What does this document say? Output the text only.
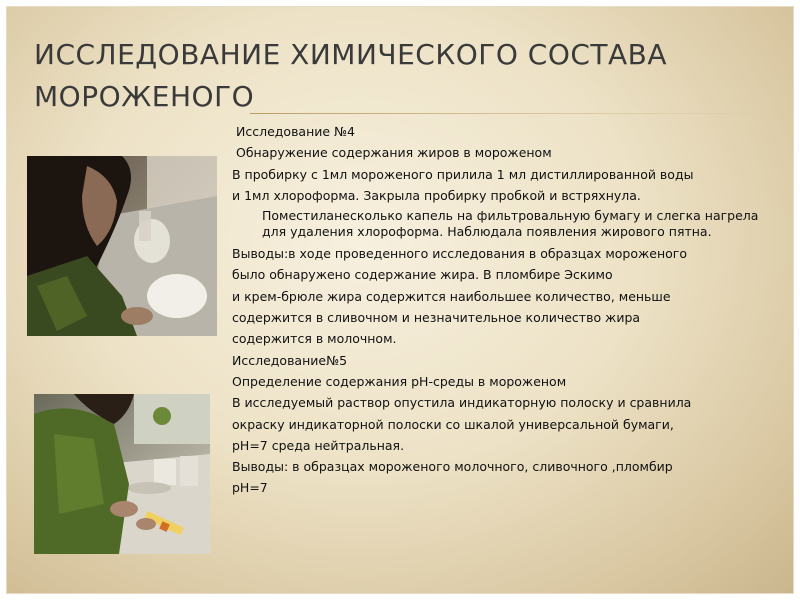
ИССЛЕДОВАНИЕ ХИМИЧЕСКОГО СОСТАВА МОРОЖЕНОГО
Исследование №4
Обнаружение содержания жиров в мороженом
В пробирку с 1мл мороженого прилила 1 мл дистиллированной воды
и 1мл хлороформа. Закрыла пробирку пробкой и встряхнула.
Поместиланесколько капель на фильтровальную бумагу и слегка нагрела для удаления хлороформа. Наблюдала появления жирового пятна.
Выводы:в ходе проведенного исследования в образцах мороженого
было обнаружено содержание жира. В пломбире Эскимо
и крем-брюле жира содержится наибольшее количество, меньше
содержится в сливочном и незначительное количество жира
содержится в молочном.
Исследование№5
Определение содержания рН-среды в мороженом
В исследуемый раствор опустила индикаторную полоску и сравнила
окраску индикаторной полоски со шкалой универсальной бумаги,
рН=7 среда нейтральная.
Выводы: в образцах мороженого молочного, сливочного ,пломбир
рН=7
